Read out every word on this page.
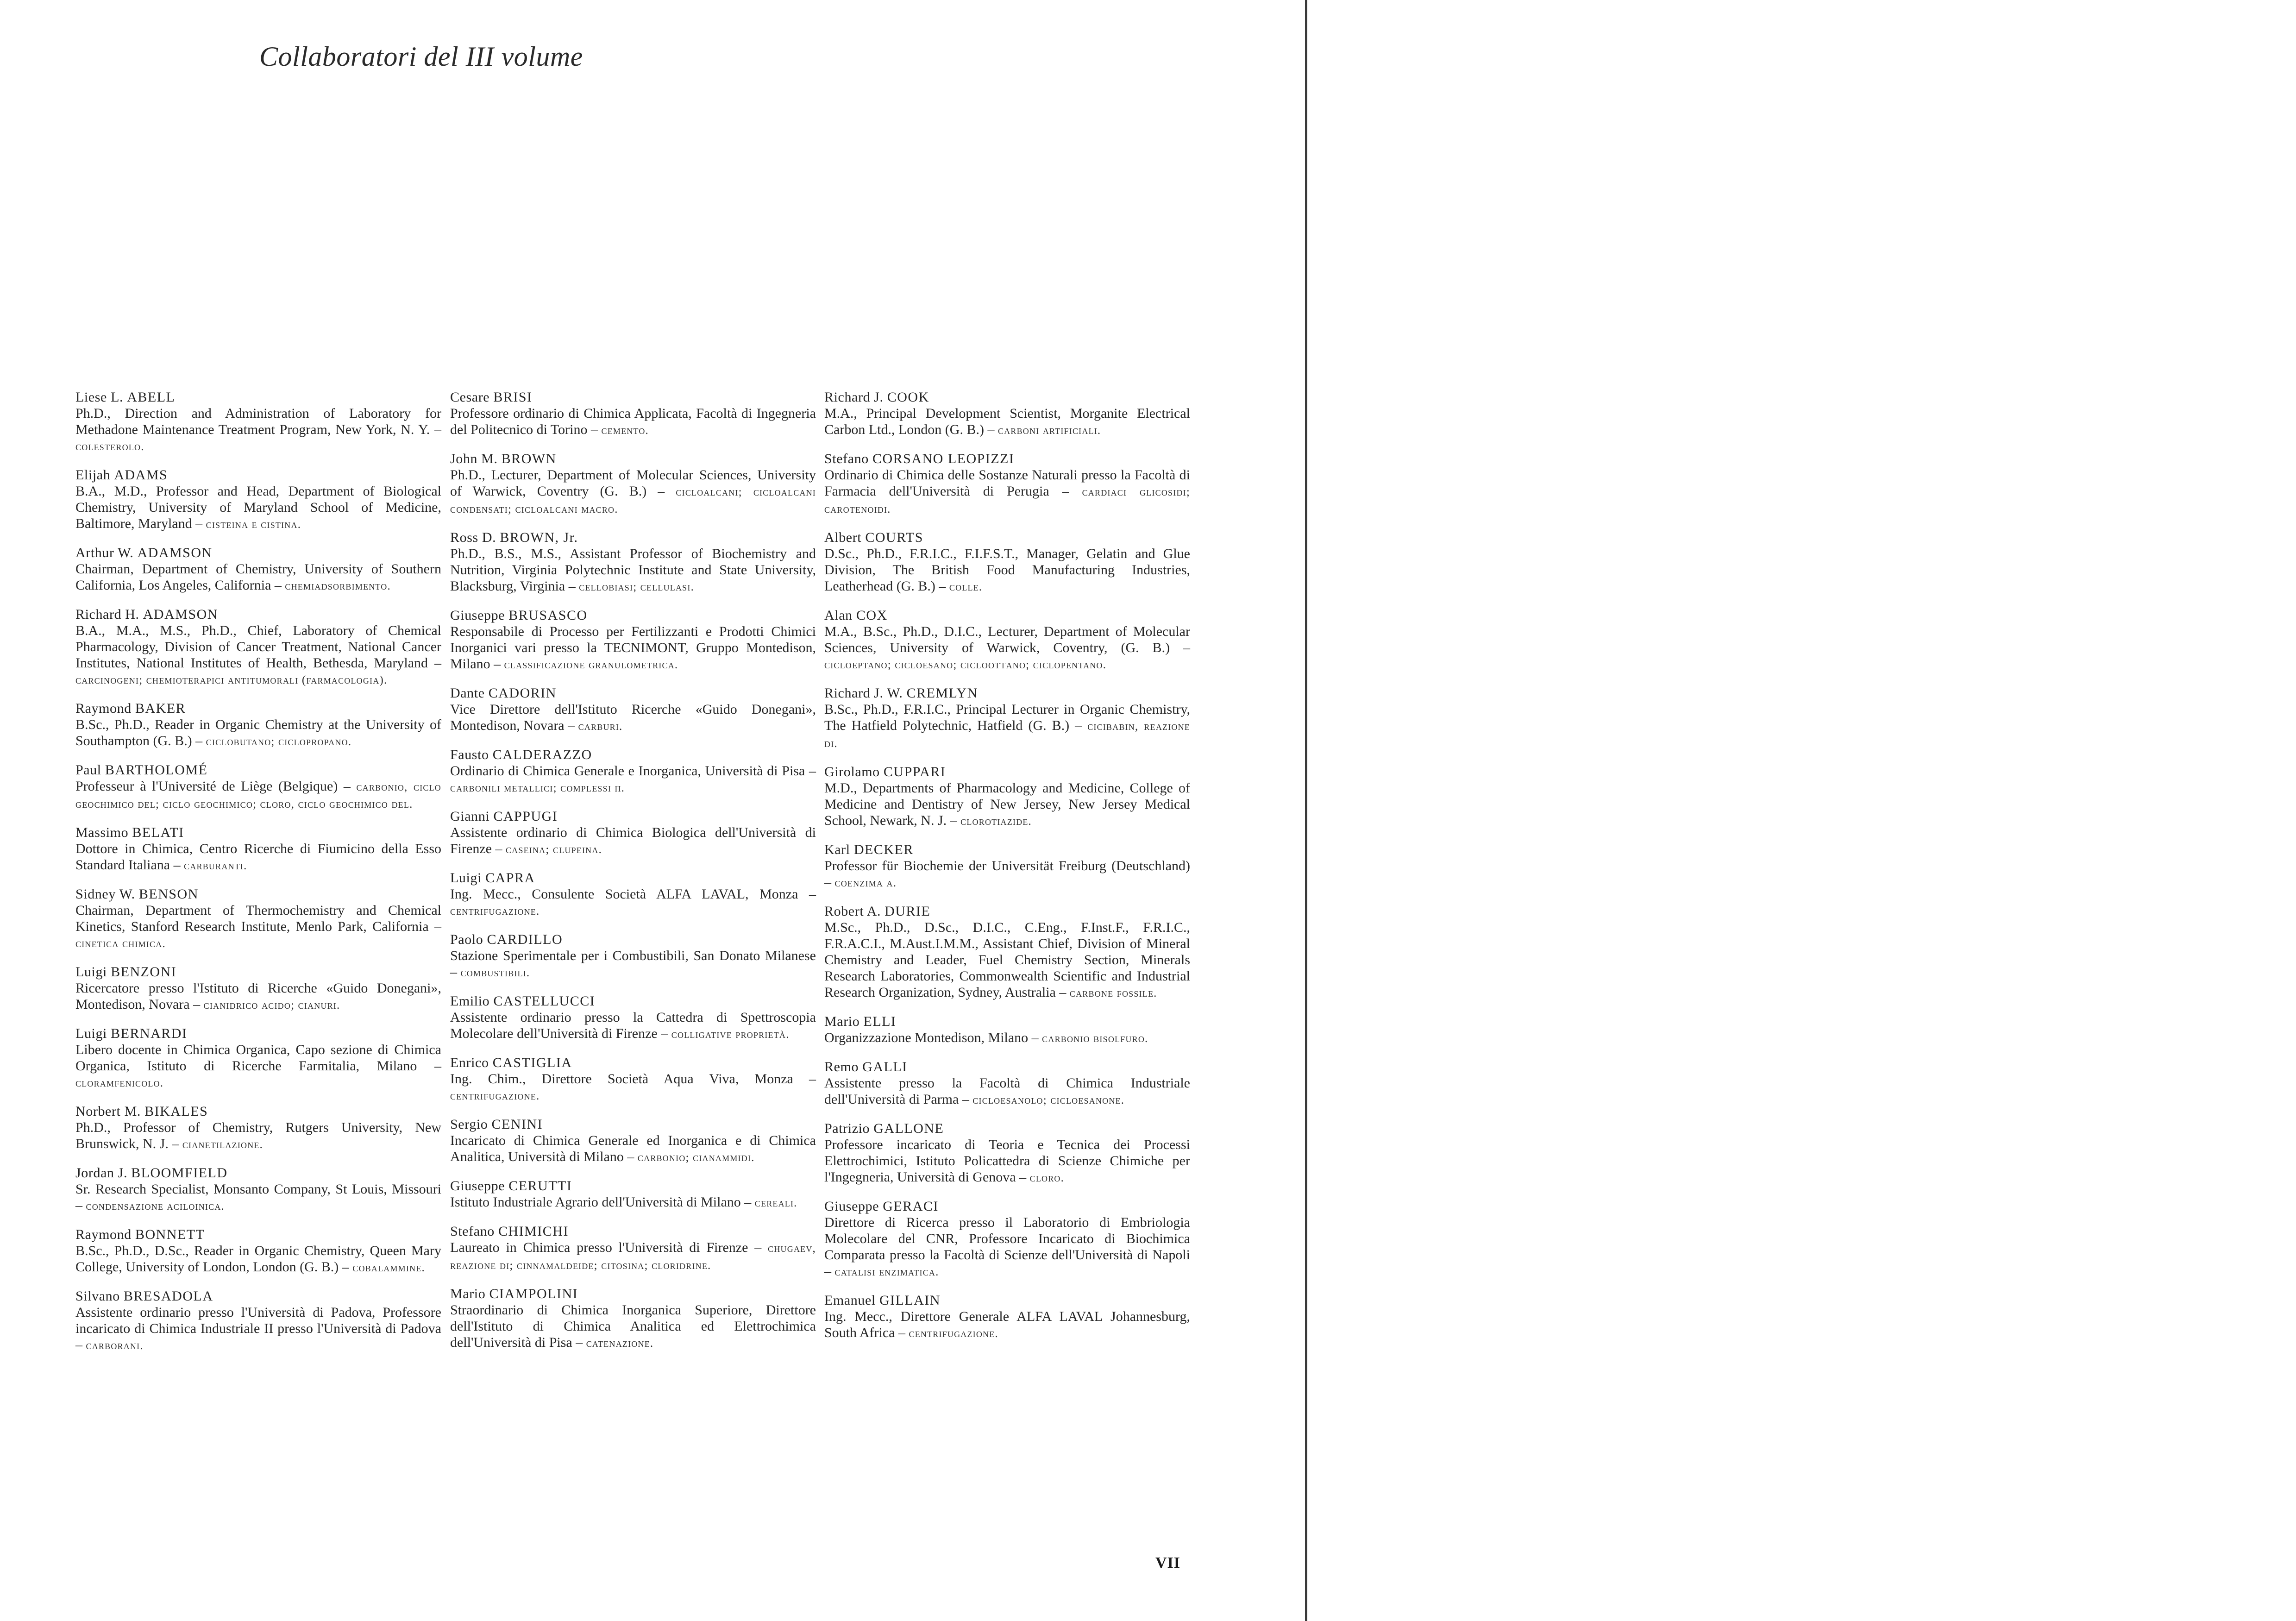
Collaboratori del III volume
Liese L. ABELL
Ph.D., Direction and Administration of Laboratory for Methadone Maintenance Treatment Program, New York, N. Y. – colesterolo.
Elijah ADAMS
B.A., M.D., Professor and Head, Department of Biological Chemistry, University of Maryland School of Medicine, Baltimore, Maryland – cisteina e cistina.
Arthur W. ADAMSON
Chairman, Department of Chemistry, University of Southern California, Los Angeles, California – chemiadsorbimento.
Richard H. ADAMSON
B.A., M.A., M.S., Ph.D., Chief, Laboratory of Chemical Pharmacology, Division of Cancer Treatment, National Cancer Institutes, National Institutes of Health, Bethesda, Maryland – carcinogeni; chemioterapici antitumorali (farmacologia).
Raymond BAKER
B.Sc., Ph.D., Reader in Organic Chemistry at the University of Southampton (G. B.) – ciclobutano; ciclopropano.
Paul BARTHOLOMÉ
Professeur à l'Université de Liège (Belgique) – carbonio, ciclo geochimico del; ciclo geochimico; cloro, ciclo geochimico del.
Massimo BELATI
Dottore in Chimica, Centro Ricerche di Fiumicino della Esso Standard Italiana – carburanti.
Sidney W. BENSON
Chairman, Department of Thermochemistry and Chemical Kinetics, Stanford Research Institute, Menlo Park, California – cinetica chimica.
Luigi BENZONI
Ricercatore presso l'Istituto di Ricerche «Guido Donegani», Montedison, Novara – cianidrico acido; cianuri.
Luigi BERNARDI
Libero docente in Chimica Organica, Capo sezione di Chimica Organica, Istituto di Ricerche Farmitalia, Milano – cloramfenicolo.
Norbert M. BIKALES
Ph.D., Professor of Chemistry, Rutgers University, New Brunswick, N. J. – cianetilazione.
Jordan J. BLOOMFIELD
Sr. Research Specialist, Monsanto Company, St Louis, Missouri – condensazione aciloinica.
Raymond BONNETT
B.Sc., Ph.D., D.Sc., Reader in Organic Chemistry, Queen Mary College, University of London, London (G. B.) – cobalammine.
Silvano BRESADOLA
Assistente ordinario presso l'Università di Padova, Professore incaricato di Chimica Industriale II presso l'Università di Padova – carborani.
Cesare BRISI
Professore ordinario di Chimica Applicata, Facoltà di Ingegneria del Politecnico di Torino – cemento.
John M. BROWN
Ph.D., Lecturer, Department of Molecular Sciences, University of Warwick, Coventry (G. B.) – cicloalcani; cicloalcani condensati; cicloalcani macro.
Ross D. BROWN, Jr.
Ph.D., B.S., M.S., Assistant Professor of Biochemistry and Nutrition, Virginia Polytechnic Institute and State University, Blacksburg, Virginia – cellobiasi; cellulasi.
Giuseppe BRUSASCO
Responsabile di Processo per Fertilizzanti e Prodotti Chimici Inorganici vari presso la TECNIMONT, Gruppo Montedison, Milano – classificazione granulometrica.
Dante CADORIN
Vice Direttore dell'Istituto Ricerche «Guido Donegani», Montedison, Novara – carburi.
Fausto CALDERAZZO
Ordinario di Chimica Generale e Inorganica, Università di Pisa – carbonili metallici; complessi π.
Gianni CAPPUGI
Assistente ordinario di Chimica Biologica dell'Università di Firenze – caseina; clupeina.
Luigi CAPRA
Ing. Mecc., Consulente Società ALFA LAVAL, Monza – centrifugazione.
Paolo CARDILLO
Stazione Sperimentale per i Combustibili, San Donato Milanese – combustibili.
Emilio CASTELLUCCI
Assistente ordinario presso la Cattedra di Spettroscopia Molecolare dell'Università di Firenze – colligative proprietà.
Enrico CASTIGLIA
Ing. Chim., Direttore Società Aqua Viva, Monza – centrifugazione.
Sergio CENINI
Incaricato di Chimica Generale ed Inorganica e di Chimica Analitica, Università di Milano – carbonio; cianammidi.
Giuseppe CERUTTI
Istituto Industriale Agrario dell'Università di Milano – cereali.
Stefano CHIMICHI
Laureato in Chimica presso l'Università di Firenze – chugaev, reazione di; cinnamaldeide; citosina; cloridrine.
Mario CIAMPOLINI
Straordinario di Chimica Inorganica Superiore, Direttore dell'Istituto di Chimica Analitica ed Elettrochimica dell'Università di Pisa – catenazione.
Richard J. COOK
M.A., Principal Development Scientist, Morganite Electrical Carbon Ltd., London (G. B.) – carboni artificiali.
Stefano CORSANO LEOPIZZI
Ordinario di Chimica delle Sostanze Naturali presso la Facoltà di Farmacia dell'Università di Perugia – cardiaci glicosidi; carotenoidi.
Albert COURTS
D.Sc., Ph.D., F.R.I.C., F.I.F.S.T., Manager, Gelatin and Glue Division, The British Food Manufacturing Industries, Leatherhead (G. B.) – colle.
Alan COX
M.A., B.Sc., Ph.D., D.I.C., Lecturer, Department of Molecular Sciences, University of Warwick, Coventry, (G. B.) – cicloeptano; cicloesano; ciclooттano; ciclopentano.
Richard J. W. CREMLYN
B.Sc., Ph.D., F.R.I.C., Principal Lecturer in Organic Chemistry, The Hatfield Polytechnic, Hatfield (G. B.) – cicibabin, reazione di.
Girolamo CUPPARI
M.D., Departments of Pharmacology and Medicine, College of Medicine and Dentistry of New Jersey, New Jersey Medical School, Newark, N. J. – clorotiazide.
Karl DECKER
Professor für Biochemie der Universität Freiburg (Deutschland) – coenzima a.
Robert A. DURIE
M.Sc., Ph.D., D.Sc., D.I.C., C.Eng., F.Inst.F., F.R.I.C., F.R.A.C.I., M.Aust.I.M.M., Assistant Chief, Division of Mineral Chemistry and Leader, Fuel Chemistry Section, Minerals Research Laboratories, Commonwealth Scientific and Industrial Research Organization, Sydney, Australia – carbone fossile.
Mario ELLI
Organizzazione Montedison, Milano – carbonio bisolfuro.
Remo GALLI
Assistente presso la Facoltà di Chimica Industriale dell'Università di Parma – cicloesanolo; cicloesanone.
Patrizio GALLONE
Professore incaricato di Teoria e Tecnica dei Processi Elettrochimici, Istituto Policattedra di Scienze Chimiche per l'Ingegneria, Università di Genova – cloro.
Giuseppe GERACI
Direttore di Ricerca presso il Laboratorio di Embriologia Molecolare del CNR, Professore Incaricato di Biochimica Comparata presso la Facoltà di Scienze dell'Università di Napoli – catalisi enzimatica.
Emanuel GILLAIN
Ing. Mecc., Direttore Generale ALFA LAVAL Johannesburg, South Africa – centrifugazione.
VII
